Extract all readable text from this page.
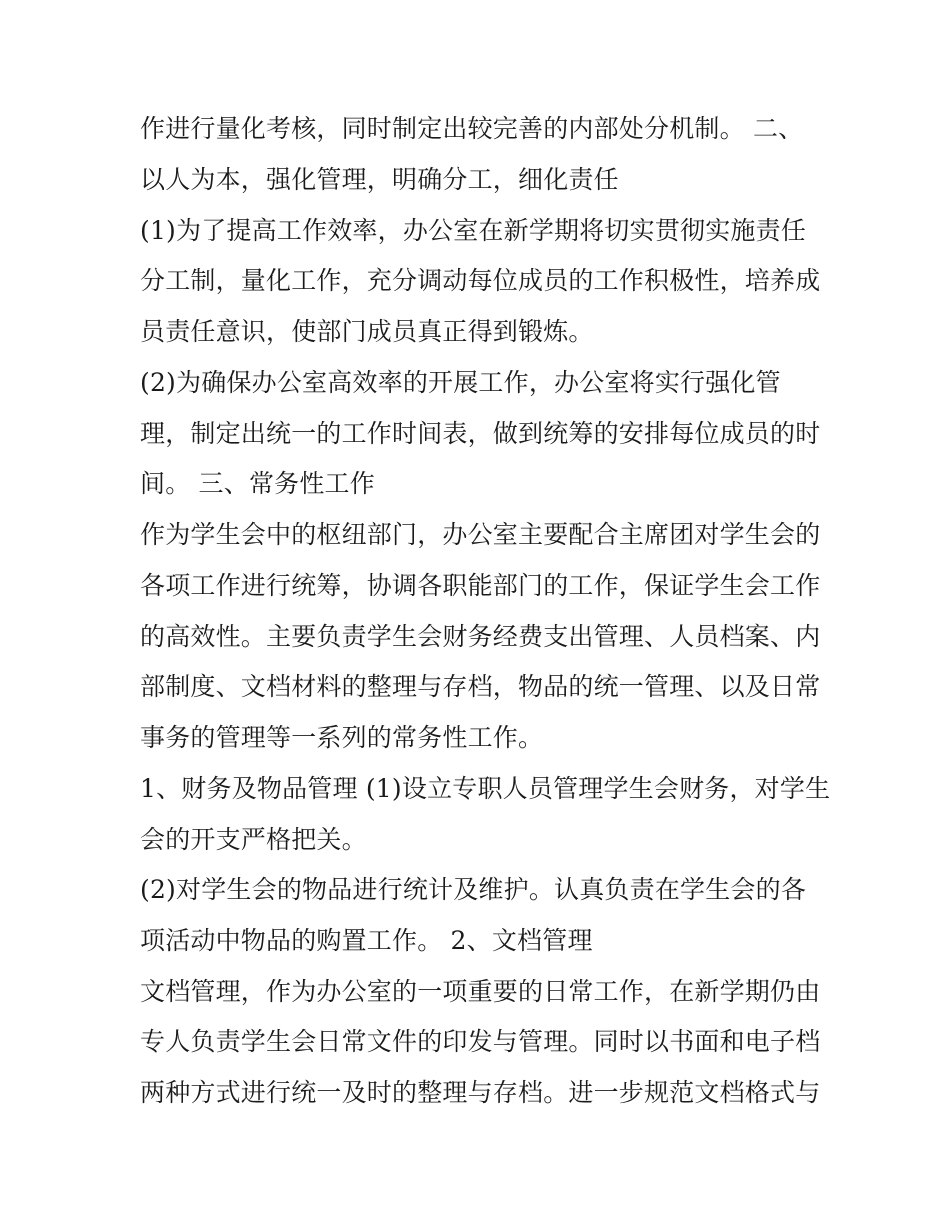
作进行量化考核，同时制定出较完善的内部处分机制。 二、
以人为本，强化管理，明确分工，细化责任
(1)为了提高工作效率，办公室在新学期将切实贯彻实施责任
分工制，量化工作，充分调动每位成员的工作积极性，培养成
员责任意识，使部门成员真正得到锻炼。
(2)为确保办公室高效率的开展工作，办公室将实行强化管
理，制定出统一的工作时间表，做到统筹的安排每位成员的时
间。 三、常务性工作
作为学生会中的枢纽部门，办公室主要配合主席团对学生会的
各项工作进行统筹，协调各职能部门的工作，保证学生会工作
的高效性。主要负责学生会财务经费支出管理、人员档案、内
部制度、文档材料的整理与存档，物品的统一管理、以及日常
事务的管理等一系列的常务性工作。
1、财务及物品管理 (1)设立专职人员管理学生会财务，对学生
会的开支严格把关。
(2)对学生会的物品进行统计及维护。认真负责在学生会的各
项活动中物品的购置工作。 2、文档管理
文档管理，作为办公室的一项重要的日常工作，在新学期仍由
专人负责学生会日常文件的印发与管理。同时以书面和电子档
两种方式进行统一及时的整理与存档。进一步规范文档格式与
